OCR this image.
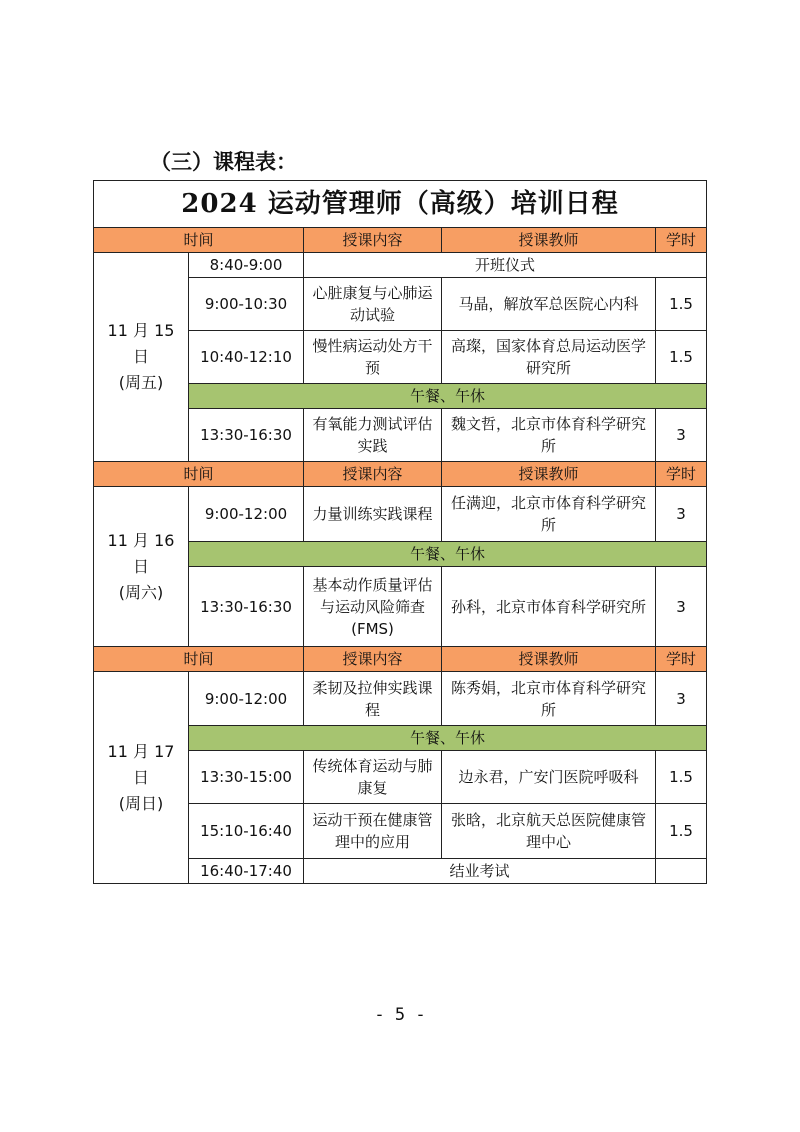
（三）课程表：
2024 运动管理师（高级）培训日程				
时间		授课内容	授课教师	学时

11 月 15 日
(周五)	8:40-9:00	开班仪式		
	9:00-10:30	心脏康复与心肺运动试验	马晶，解放军总医院心内科	1.5
	10:40-12:10	慢性病运动处方干预	高璨，国家体育总局运动医学研究所	1.5
	午餐、午休			
	13:30-16:30	有氧能力测试评估实践	魏文哲，北京市体育科学研究所	3
时间		授课内容	授课教师	学时

11 月 16 日
(周六)	9:00-12:00	力量训练实践课程	任满迎，北京市体育科学研究所	3
	午餐、午休			
	13:30-16:30	基本动作质量评估与运动风险筛查(FMS)	孙科，北京市体育科学研究所	3
时间		授课内容	授课教师	学时

11 月 17 日
(周日)	9:00-12:00	柔韧及拉伸实践课程	陈秀娟，北京市体育科学研究所	3
	午餐、午休			
	13:30-15:00	传统体育运动与肺康复	边永君，广安门医院呼吸科	1.5
	15:10-16:40	运动干预在健康管理中的应用	张晗，北京航天总医院健康管理中心	1.5
	16:40-17:40	结业考试		
- 5 -
